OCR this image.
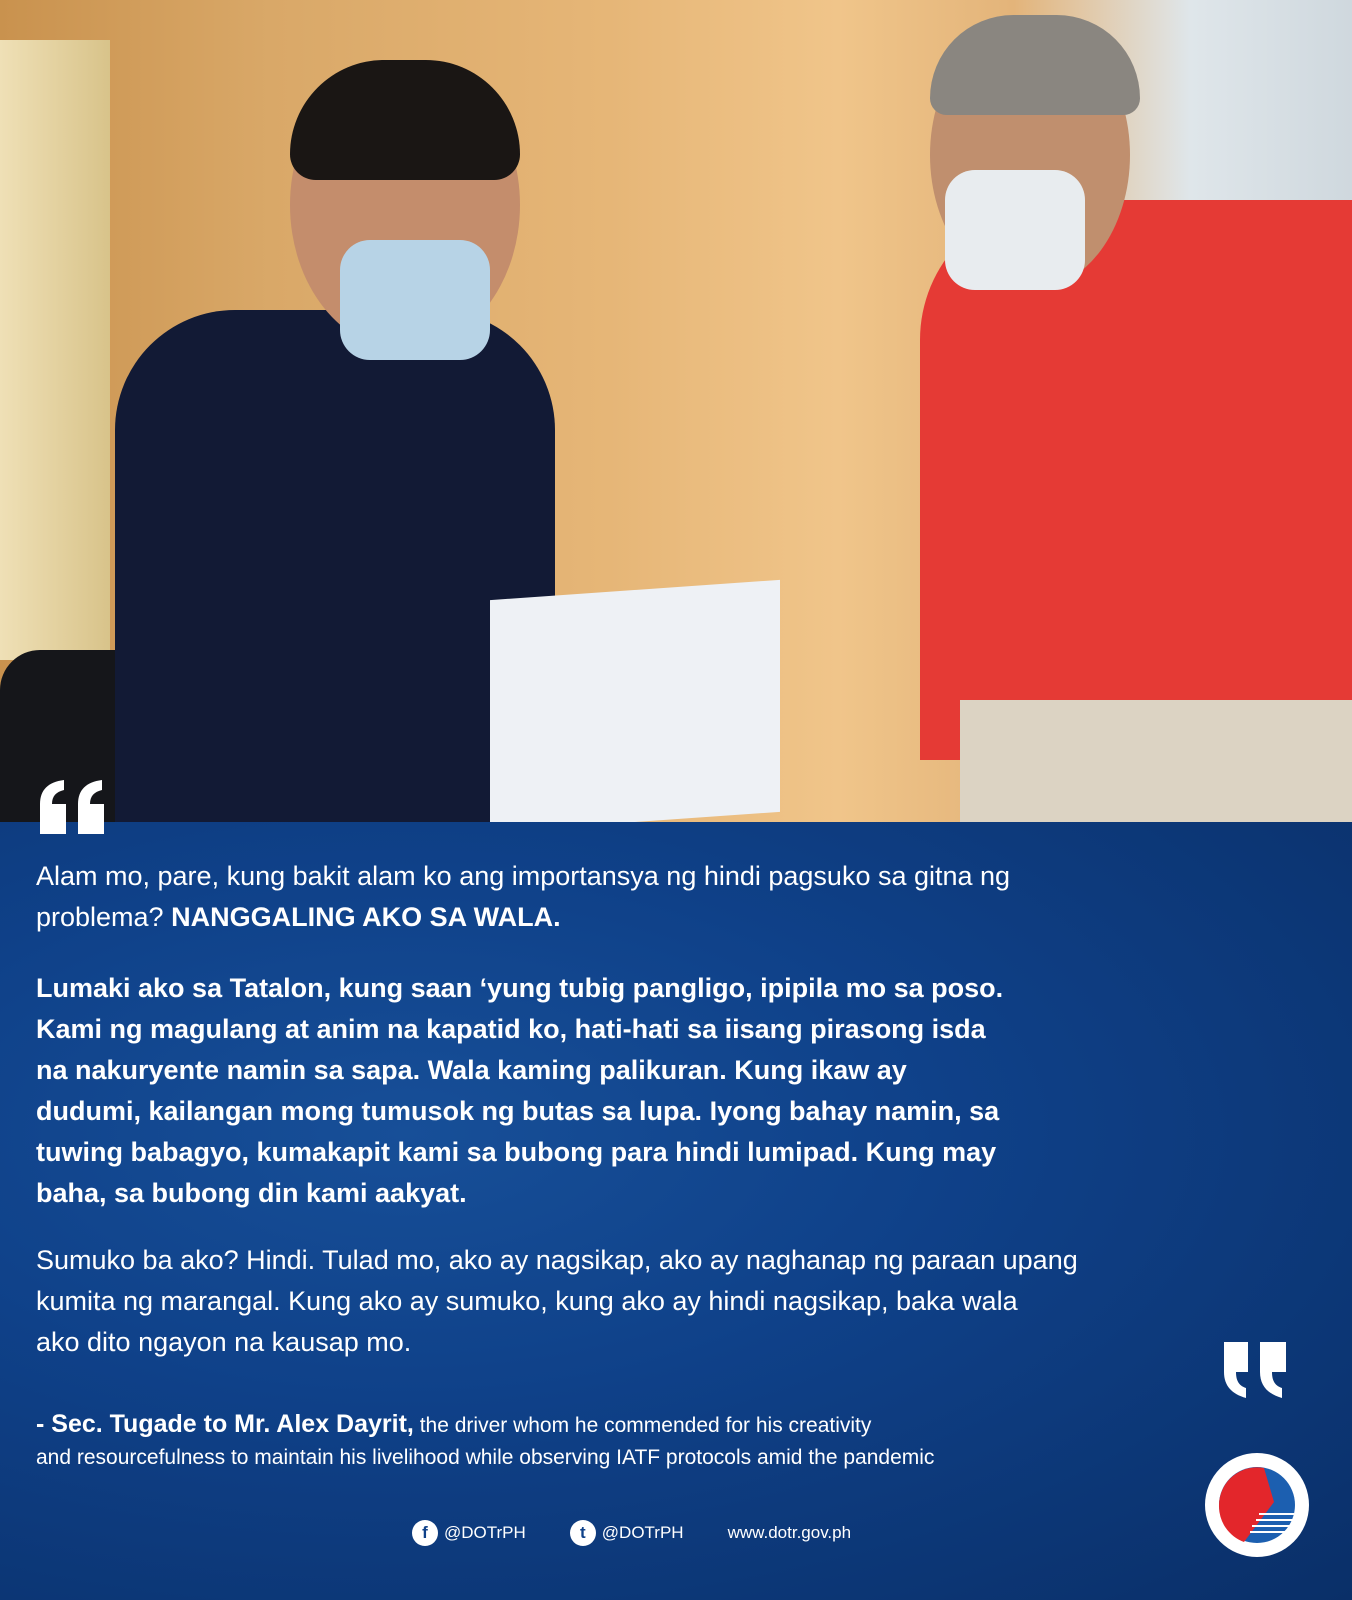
Alam mo, pare, kung bakit alam ko ang importansya ng hindi pagsuko sa gitna ng
problema? NANGGALING AKO SA WALA.
Lumaki ako sa Tatalon, kung saan ‘yung tubig pangligo, ipipila mo sa poso.
Kami ng magulang at anim na kapatid ko, hati-hati sa iisang pirasong isda
na nakuryente namin sa sapa. Wala kaming palikuran. Kung ikaw ay
dudumi, kailangan mong tumusok ng butas sa lupa. Iyong bahay namin, sa
tuwing babagyo, kumakapit kami sa bubong para hindi lumipad. Kung may
baha, sa bubong din kami aakyat.
Sumuko ba ako? Hindi. Tulad mo, ako ay nagsikap, ako ay naghanap ng paraan upang
kumita ng marangal. Kung ako ay sumuko, kung ako ay hindi nagsikap, baka wala
ako dito ngayon na kausap mo.
- Sec. Tugade to Mr. Alex Dayrit, the driver whom he commended for his creativity
and resourcefulness to maintain his livelihood while observing IATF protocols amid the pandemic
f @DOTrPH	t @DOTrPH	www.dotr.gov.ph
